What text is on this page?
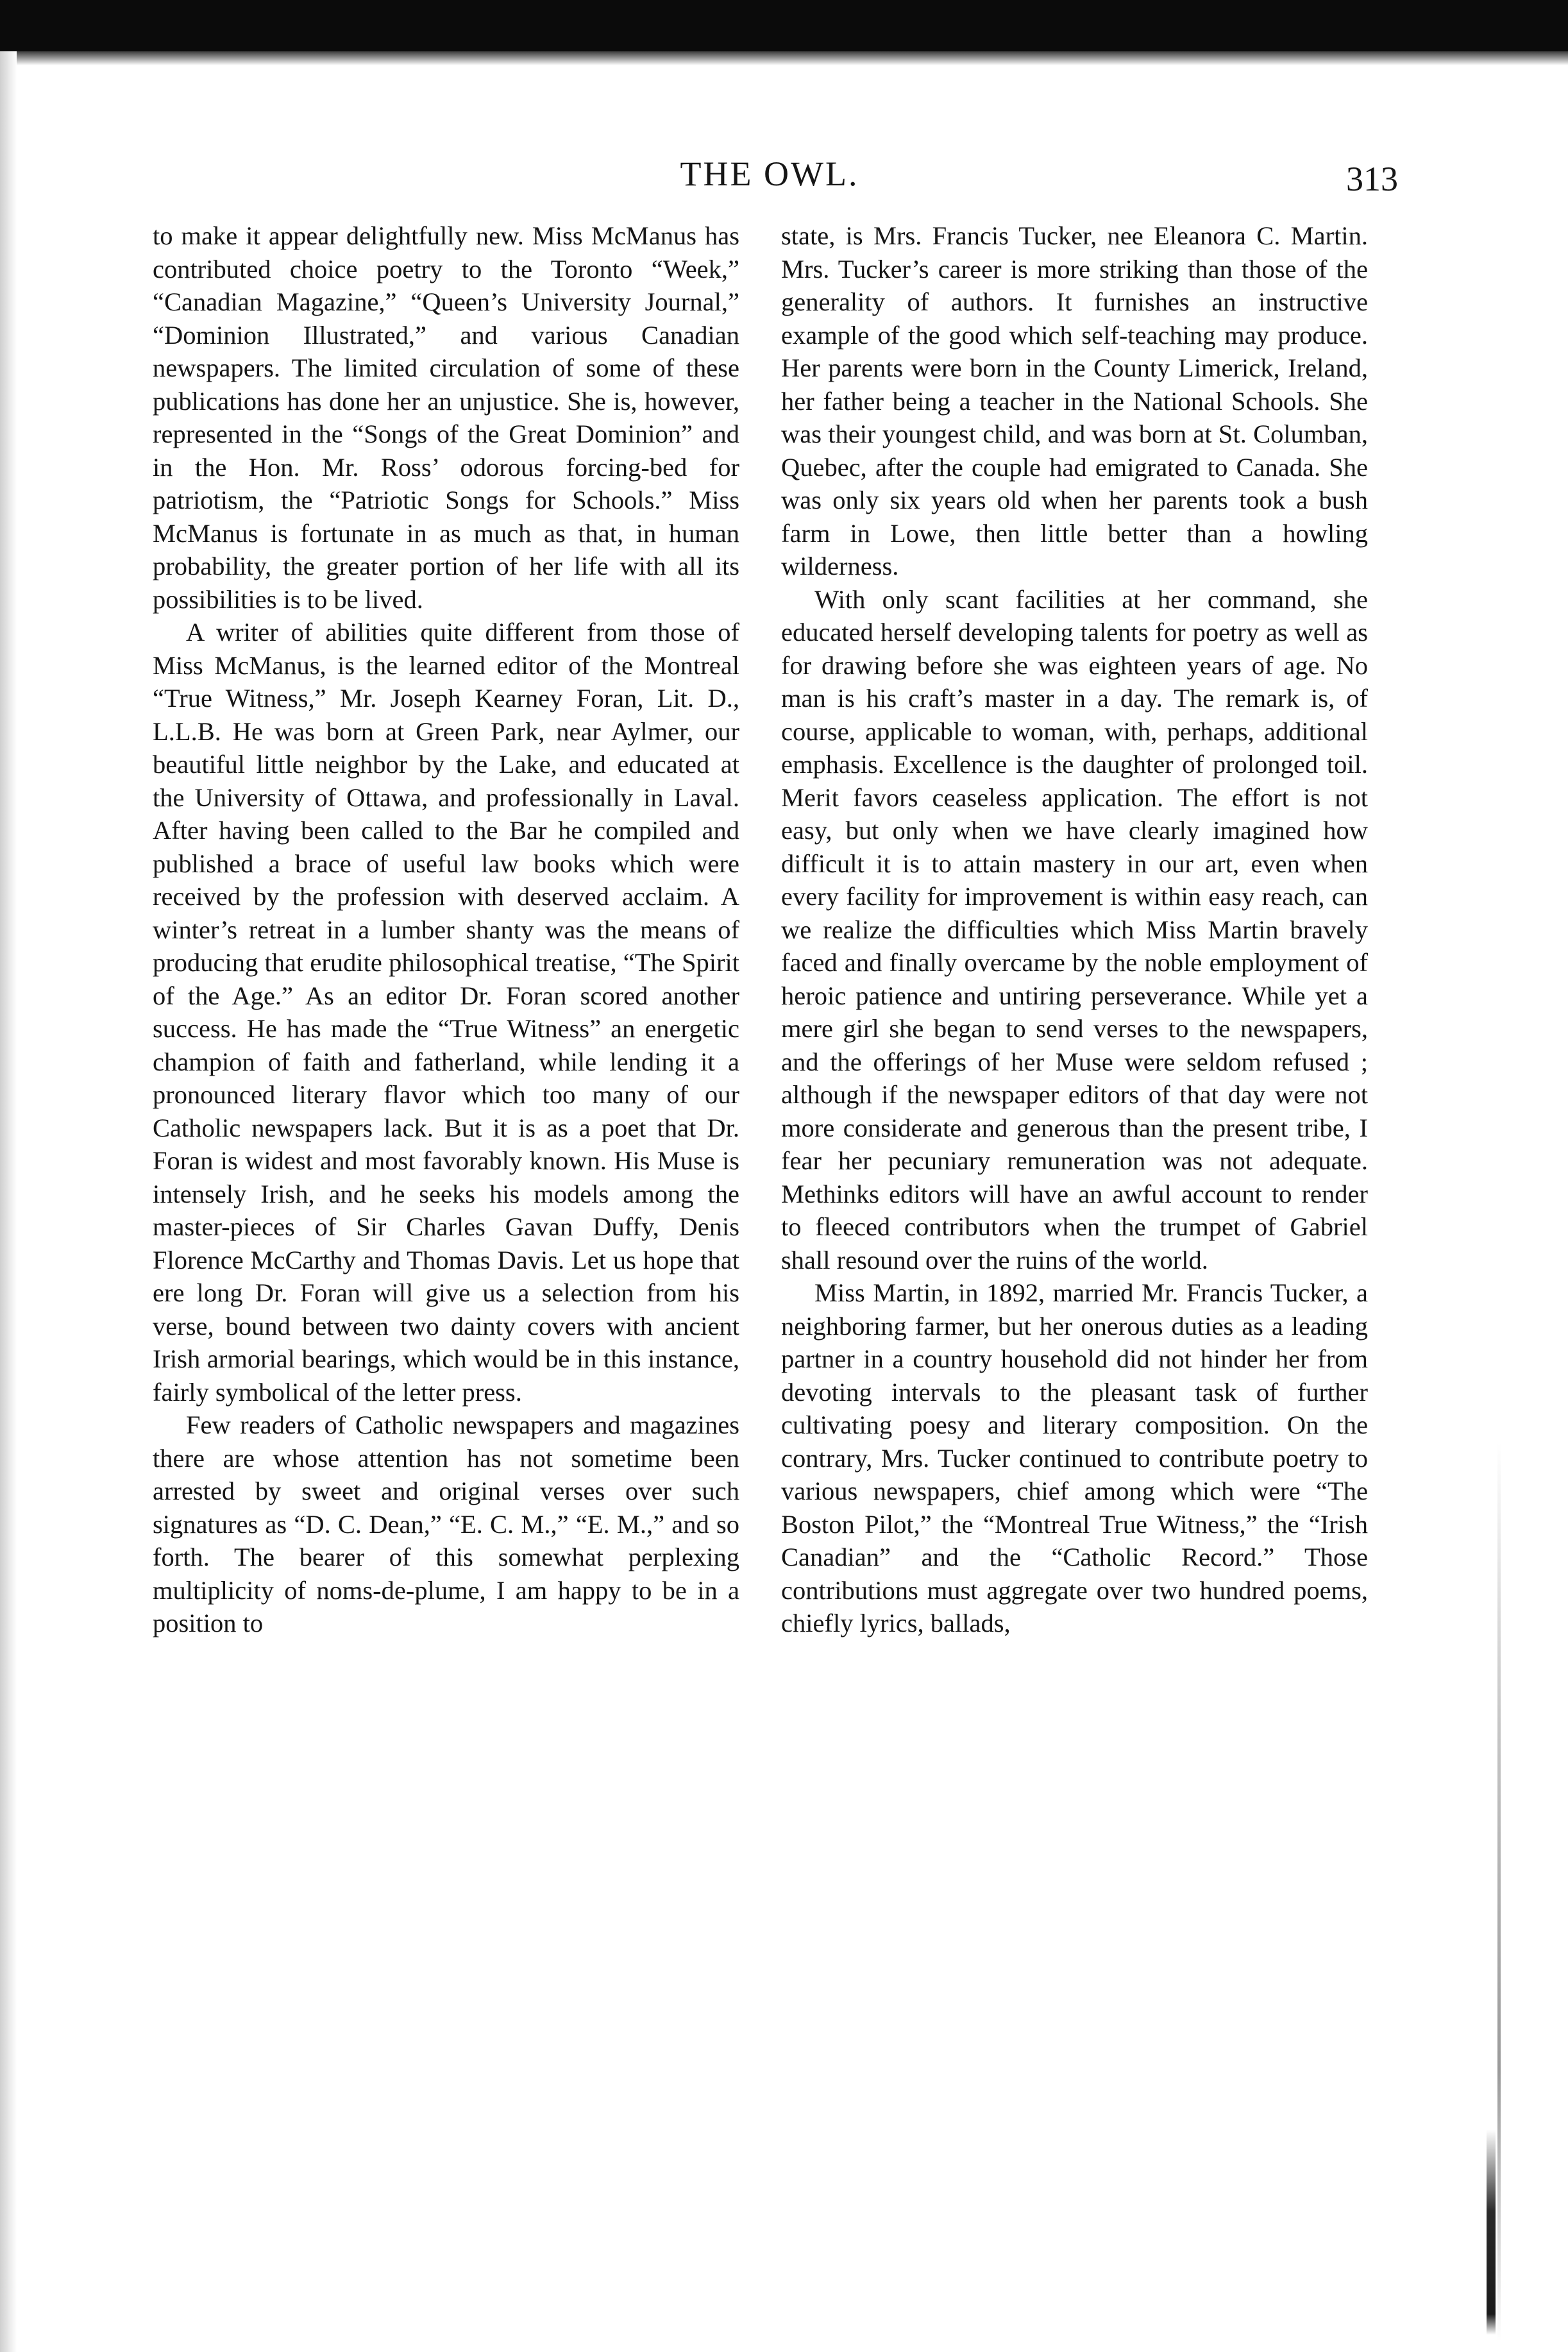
THE OWL.	313

to make it appear delightfully new. Miss McManus has contributed choice poetry to the Toronto “Week,” “Canadian Magazine,” “Queen’s University Journal,” “Dominion Illustrated,” and various Canadian newspapers. The limited circulation of some of these publications has done her an unjustice. She is, however, represented in the “Songs of the Great Dominion” and in the Hon. Mr. Ross’ odorous forcing-bed for patriotism, the “Patriotic Songs for Schools.” Miss McManus is fortunate in as much as that, in human probability, the greater portion of her life with all its possibilities is to be lived.

A writer of abilities quite different from those of Miss McManus, is the learned editor of the Montreal “True Witness,” Mr. Joseph Kearney Foran, Lit. D., L.L.B. He was born at Green Park, near Aylmer, our beautiful little neighbor by the Lake, and educated at the University of Ottawa, and professionally in Laval. After having been called to the Bar he compiled and published a brace of useful law books which were received by the profession with deserved acclaim. A winter’s retreat in a lumber shanty was the means of producing that erudite philosophical treatise, “The Spirit of the Age.” As an editor Dr. Foran scored another success. He has made the “True Witness” an energetic champion of faith and fatherland, while lending it a pronounced literary flavor which too many of our Catholic newspapers lack. But it is as a poet that Dr. Foran is widest and most favorably known. His Muse is intensely Irish, and he seeks his models among the master-pieces of Sir Charles Gavan Duffy, Denis Florence McCarthy and Thomas Davis. Let us hope that ere long Dr. Foran will give us a selection from his verse, bound between two dainty covers with ancient Irish armorial bearings, which would be in this instance, fairly symbolical of the letter press.

Few readers of Catholic newspapers and magazines there are whose attention has not sometime been arrested by sweet and original verses over such signatures as “D. C. Dean,” “E. C. M.,” “E. M.,” and so forth. The bearer of this somewhat perplexing multiplicity of noms-de-plume, I am happy to be in a position to

state, is Mrs. Francis Tucker, nee Eleanora C. Martin. Mrs. Tucker’s career is more striking than those of the generality of authors. It furnishes an instructive example of the good which self-teaching may produce. Her parents were born in the County Limerick, Ireland, her father being a teacher in the National Schools. She was their youngest child, and was born at St. Columban, Quebec, after the couple had emigrated to Canada. She was only six years old when her parents took a bush farm in Lowe, then little better than a howling wilderness.

With only scant facilities at her command, she educated herself developing talents for poetry as well as for drawing before she was eighteen years of age. No man is his craft’s master in a day. The remark is, of course, applicable to woman, with, perhaps, additional emphasis. Excellence is the daughter of prolonged toil. Merit favors ceaseless application. The effort is not easy, but only when we have clearly imagined how difficult it is to attain mastery in our art, even when every facility for improvement is within easy reach, can we realize the difficulties which Miss Martin bravely faced and finally overcame by the noble employment of heroic patience and untiring perseverance. While yet a mere girl she began to send verses to the newspapers, and the offerings of her Muse were seldom refused ; although if the newspaper editors of that day were not more considerate and generous than the present tribe, I fear her pecuniary remuneration was not adequate. Methinks editors will have an awful account to render to fleeced contributors when the trumpet of Gabriel shall resound over the ruins of the world.

Miss Martin, in 1892, married Mr. Francis Tucker, a neighboring farmer, but her onerous duties as a leading partner in a country household did not hinder her from devoting intervals to the pleasant task of further cultivating poesy and literary composition. On the contrary, Mrs. Tucker continued to contribute poetry to various newspapers, chief among which were “The Boston Pilot,” the “Montreal True Witness,” the “Irish Canadian” and the “Catholic Record.” Those contributions must aggregate over two hundred poems, chiefly lyrics, ballads,
